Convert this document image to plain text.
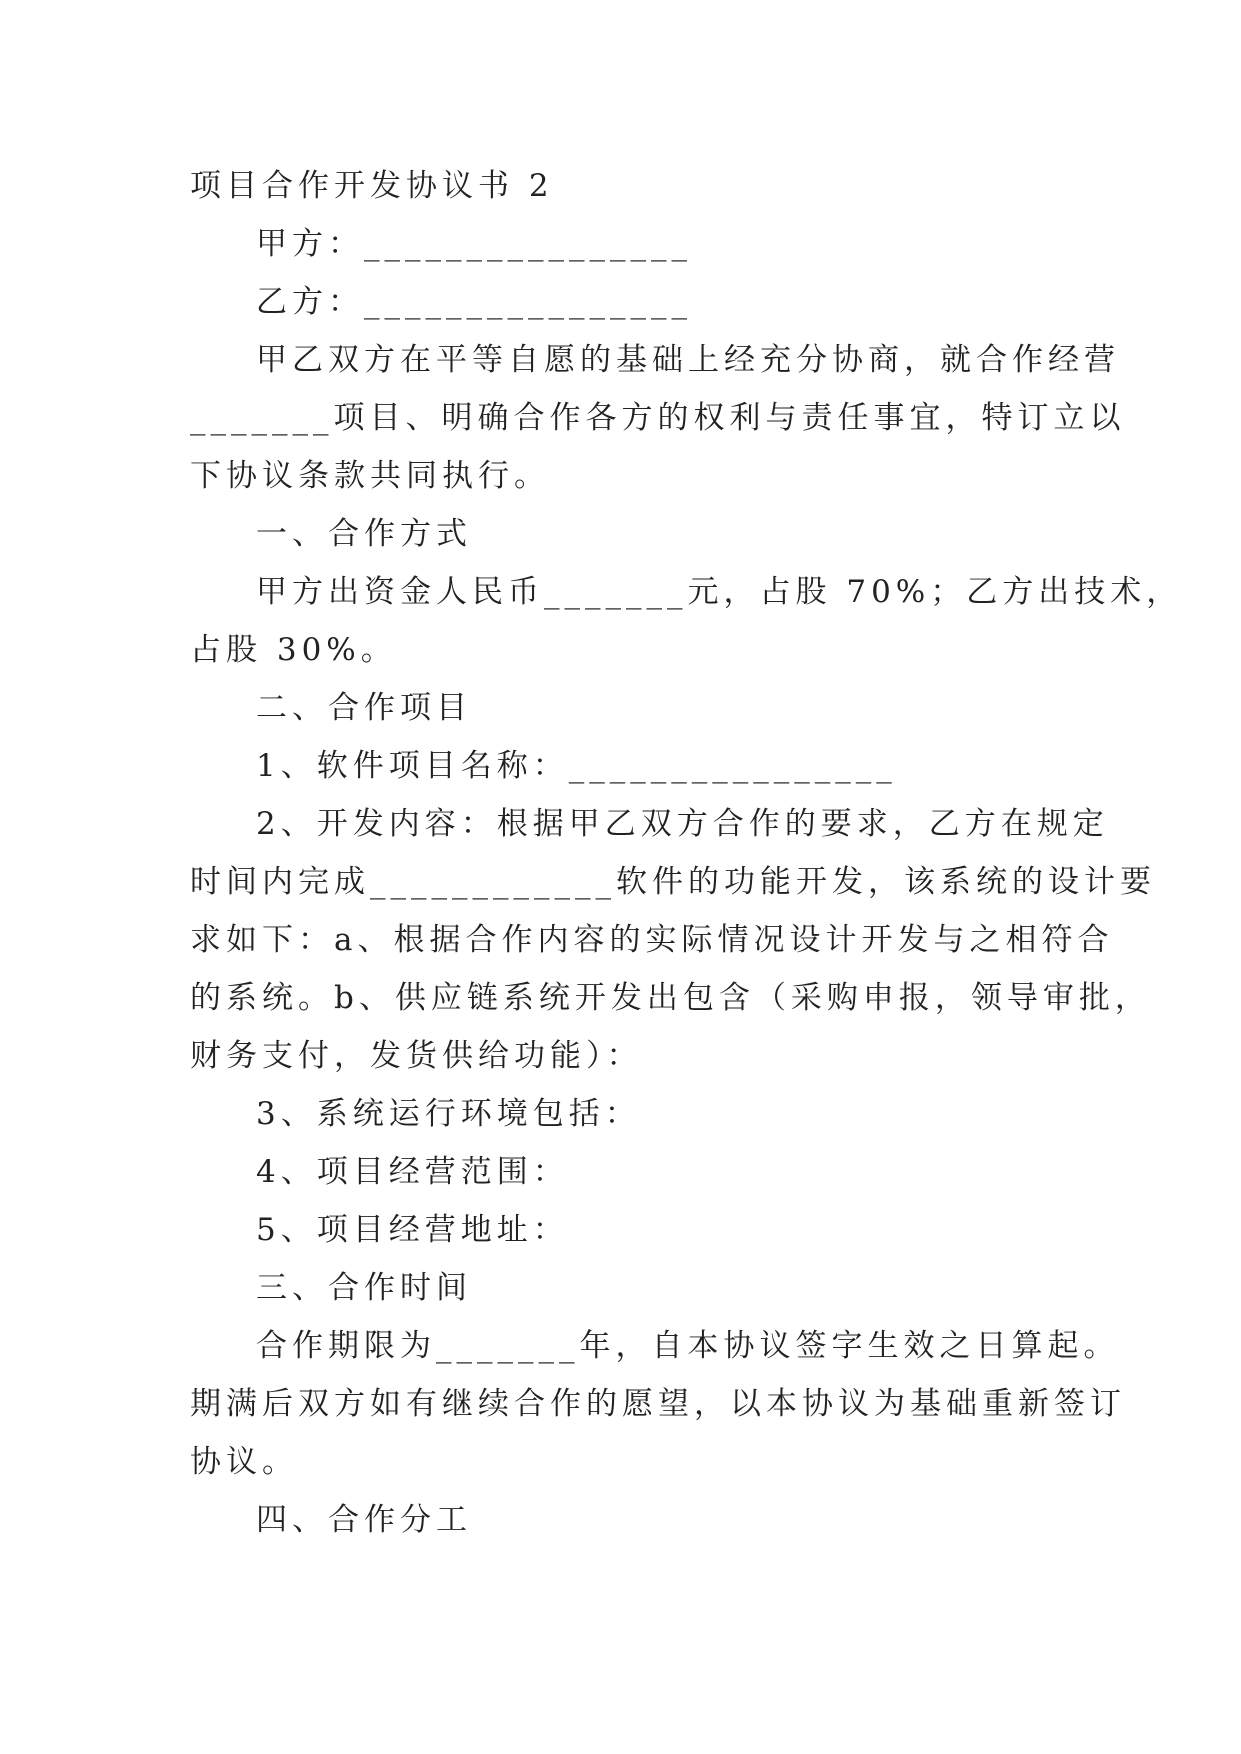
项目合作开发协议书 2
甲方：________________
乙方：________________
甲乙双方在平等自愿的基础上经充分协商，就合作经营
_______项目、明确合作各方的权利与责任事宜，特订立以
下协议条款共同执行。
一、合作方式
甲方出资金人民币_______元，占股 70%；乙方出技术，
占股 30%。
二、合作项目
1、软件项目名称：________________
2、开发内容：根据甲乙双方合作的要求，乙方在规定
时间内完成____________软件的功能开发，该系统的设计要
求如下：a、根据合作内容的实际情况设计开发与之相符合
的系统。b、供应链系统开发出包含（采购申报，领导审批，
财务支付，发货供给功能）：
3、系统运行环境包括：
4、项目经营范围：
5、项目经营地址：
三、合作时间
合作期限为_______年，自本协议签字生效之日算起。
期满后双方如有继续合作的愿望，以本协议为基础重新签订
协议。
四、合作分工
